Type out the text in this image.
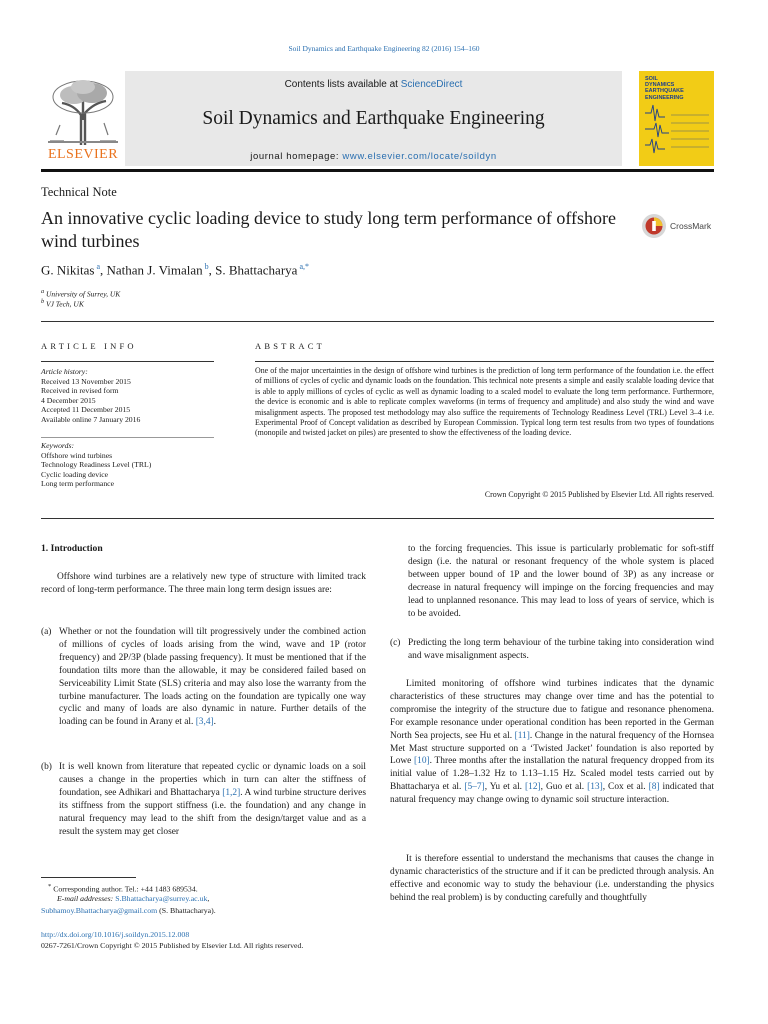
Soil Dynamics and Earthquake Engineering 82 (2016) 154–160
ELSEVIER
Contents lists available at ScienceDirect
Soil Dynamics and Earthquake Engineering
journal homepage: www.elsevier.com/locate/soildyn
SOIL
DYNAMICS
EARTHQUAKE
ENGINEERING
Technical Note
An innovative cyclic loading device to study long term performance of offshore wind turbines
CrossMark
G. Nikitas $^a$, Nathan J. Vimalan $^b$, S. Bhattacharya $^{a,*}$
$^a$ University of Surrey, UK
$^b$ VJ Tech, UK
ARTICLE INFO
Article history:
Received 13 November 2015
Received in revised form
4 December 2015
Accepted 11 December 2015
Available online 7 January 2016
Keywords:
Offshore wind turbines
Technology Readiness Level (TRL)
Cyclic loading device
Long term performance
ABSTRACT
One of the major uncertainties in the design of offshore wind turbines is the prediction of long term performance of the foundation i.e. the effect of millions of cycles of cyclic and dynamic loads on the foundation. This technical note presents a simple and easily scalable loading device that is able to apply millions of cycles of cyclic as well as dynamic loading to a scaled model to evaluate the long term performance. Furthermore, the device is economic and is able to replicate complex waveforms (in terms of frequency and amplitude) and also study the wind and wave misalignment aspects. The proposed test methodology may also suffice the requirements of Technology Readiness Level (TRL) Level 3–4 i.e. Experimental Proof of Concept validation as described by European Commission. Typical long term test results from two types of foundations (monopile and twisted jacket on piles) are presented to show the effectiveness of the loading device.
Crown Copyright © 2015 Published by Elsevier Ltd. All rights reserved.
1. Introduction
Offshore wind turbines are a relatively new type of structure with limited track record of long-term performance. The three main long term design issues are:
(a) Whether or not the foundation will tilt progressively under the combined action of millions of cycles of loads arising from the wind, wave and 1P (rotor frequency) and 2P/3P (blade passing frequency). It must be mentioned that if the foundation tilts more than the allowable, it may be considered failed based on Serviceability Limit State (SLS) criteria and may also lose the warranty from the turbine manufacturer. The loads acting on the foundation are typically one way cyclic and many of loads are also dynamic in nature. Further details of the loading can be found in Arany et al. [3,4].
(b) It is well known from literature that repeated cyclic or dynamic loads on a soil causes a change in the properties which in turn can alter the stiffness of foundation, see Adhikari and Bhattacharya [1,2]. A wind turbine structure derives its stiffness from the support stiffness (i.e. the foundation) and any change in natural frequency may lead to the shift from the design/target value and as a result the system may get closer
to the forcing frequencies. This issue is particularly problematic for soft-stiff design (i.e. the natural or resonant frequency of the whole system is placed between upper bound of 1P and the lower bound of 3P) as any increase or decrease in natural frequency will impinge on the forcing frequencies and may lead to unplanned resonance. This may lead to loss of years of service, which is to be avoided.
(c) Predicting the long term behaviour of the turbine taking into consideration wind and wave misalignment aspects.
Limited monitoring of offshore wind turbines indicates that the dynamic characteristics of these structures may change over time and has the potential to compromise the integrity of the structure due to fatigue and resonance phenomena. For example resonance under operational condition has been reported in the German North Sea projects, see Hu et al. [11]. Change in the natural frequency of the Hornsea Met Mast structure supported on a ‘Twisted Jacket’ foundation is also reported by Lowe [10]. Three months after the installation the natural frequency dropped from its initial value of 1.28–1.32 Hz to 1.13–1.15 Hz. Scaled model tests carried out by Bhattacharya et al. [5–7], Yu et al. [12], Guo et al. [13], Cox et al. [8] indicated that natural frequency may change owing to dynamic soil structure interaction.
It is therefore essential to understand the mechanisms that causes the change in dynamic characteristics of the structure and if it can be predicted through analysis. An effective and economic way to study the behaviour (i.e. understanding the physics behind the real problem) is by conducting carefully and thoughtfully
* Corresponding author. Tel.: +44 1483 689534.
E-mail addresses: S.Bhattacharya@surrey.ac.uk,
Subhamoy.Bhattacharya@gmail.com (S. Bhattacharya).
http://dx.doi.org/10.1016/j.soildyn.2015.12.008
0267-7261/Crown Copyright © 2015 Published by Elsevier Ltd. All rights reserved.
